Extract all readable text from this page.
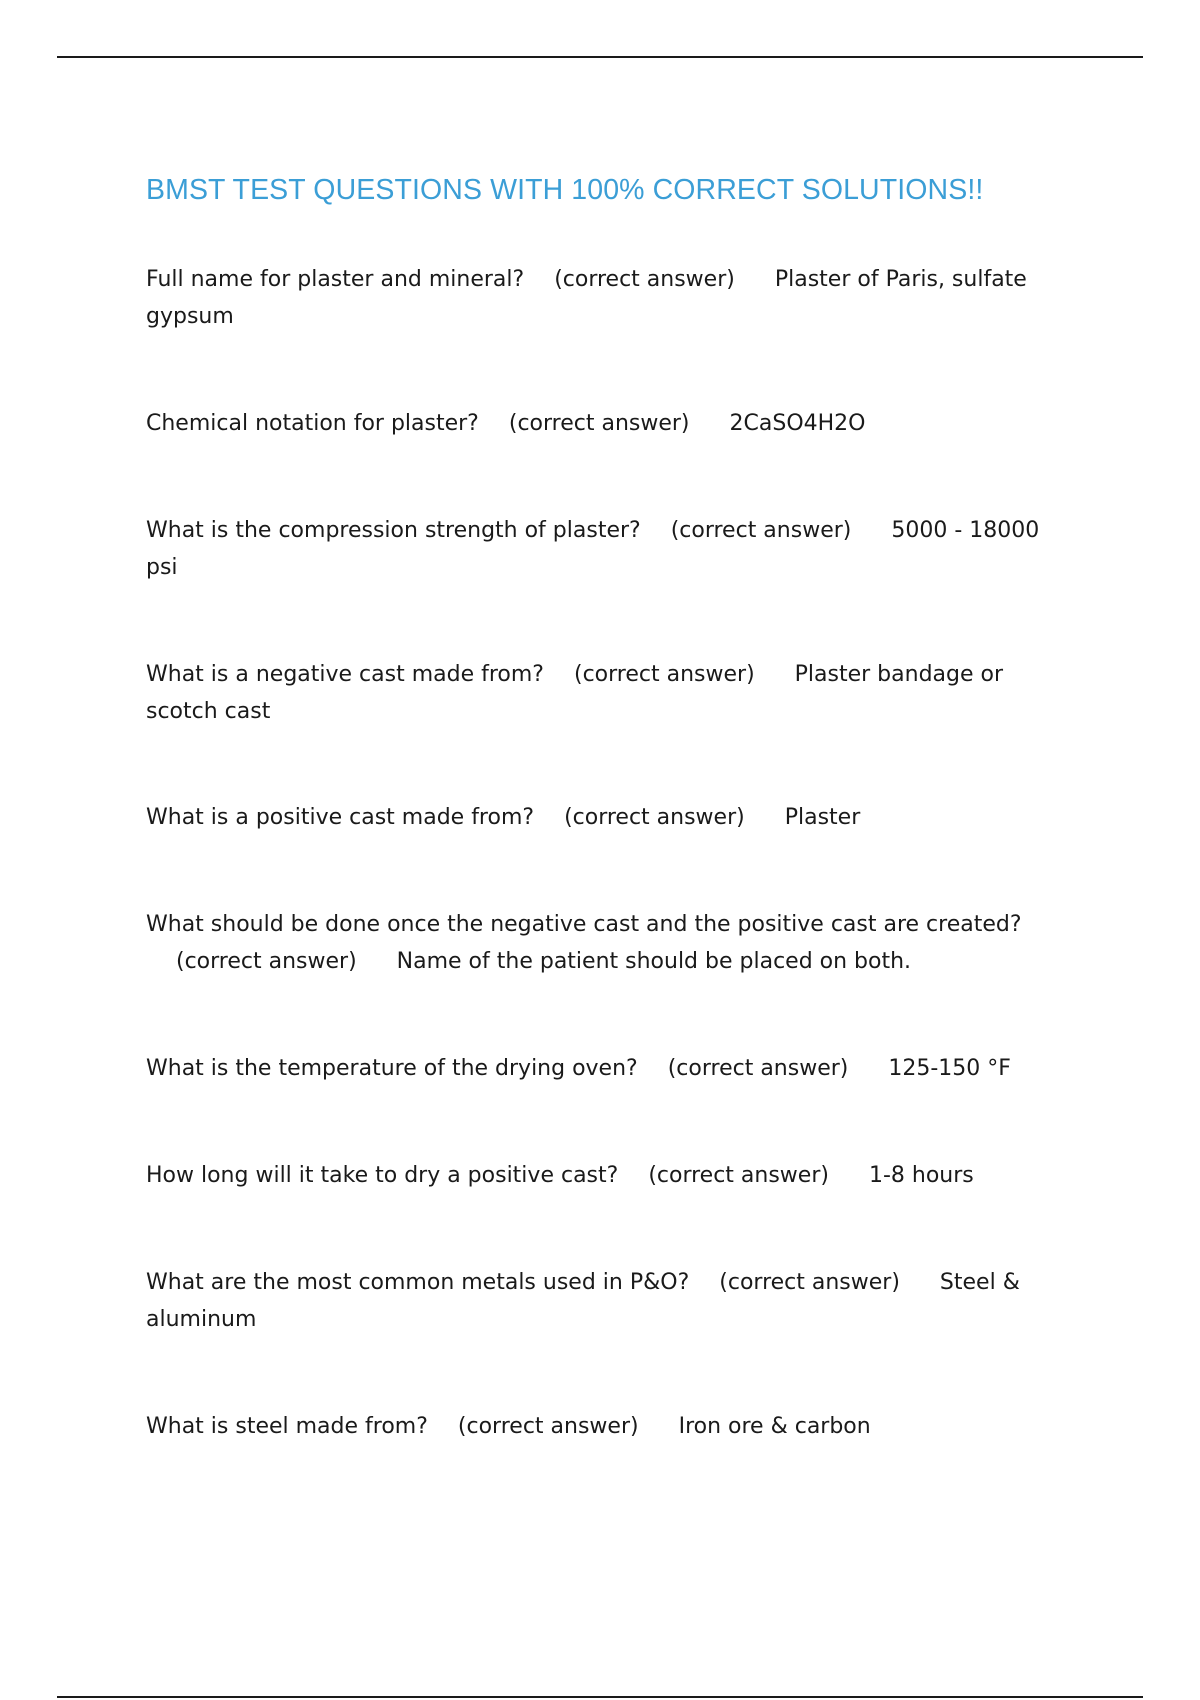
BMST TEST QUESTIONS WITH 100% CORRECT SOLUTIONS!!

Full name for plaster and mineral? (correct answer) Plaster of Paris, sulfate gypsum

Chemical notation for plaster? (correct answer) 2CaSO4H2O

What is the compression strength of plaster? (correct answer) 5000 - 18000 psi

What is a negative cast made from? (correct answer) Plaster bandage or scotch cast

What is a positive cast made from? (correct answer) Plaster

What should be done once the negative cast and the positive cast are created?(correct answer) Name of the patient should be placed on both.

What is the temperature of the drying oven? (correct answer) 125-150 °F

How long will it take to dry a positive cast? (correct answer) 1-8 hours

What are the most common metals used in P&O? (correct answer) Steel & aluminum

What is steel made from? (correct answer) Iron ore & carbon
